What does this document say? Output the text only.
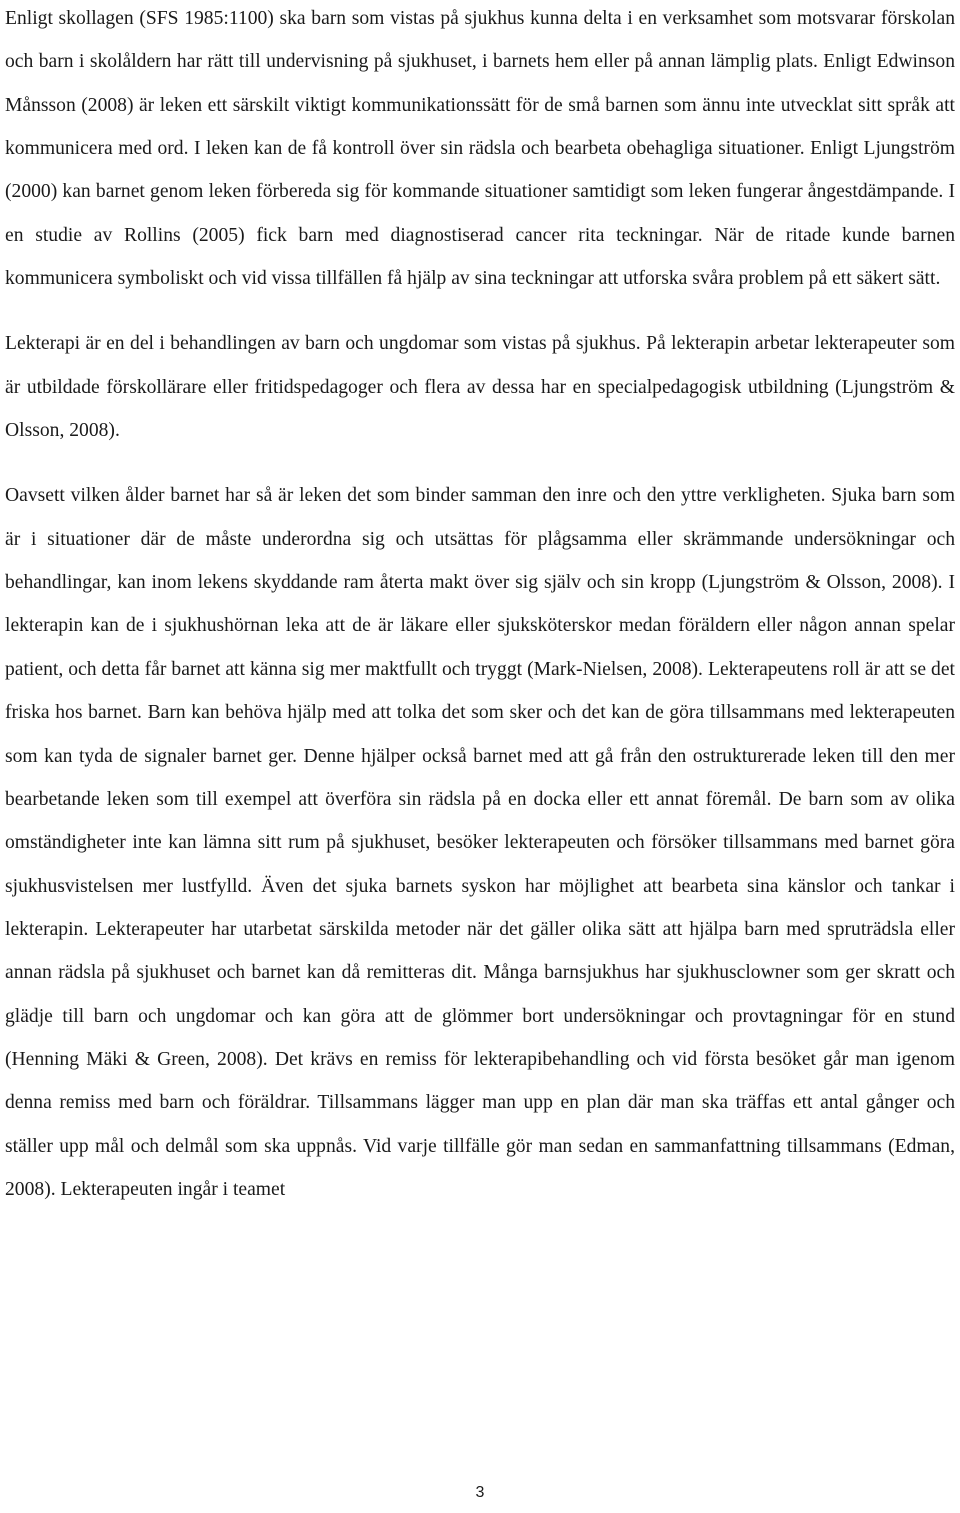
Enligt skollagen (SFS 1985:1100) ska barn som vistas på sjukhus kunna delta i en verksamhet som motsvarar förskolan och barn i skolåldern har rätt till undervisning på sjukhuset, i barnets hem eller på annan lämplig plats. Enligt Edwinson Månsson (2008) är leken ett särskilt viktigt kommunikationssätt för de små barnen som ännu inte utvecklat sitt språk att kommunicera med ord. I leken kan de få kontroll över sin rädsla och bearbeta obehagliga situationer. Enligt Ljungström (2000) kan barnet genom leken förbereda sig för kommande situationer samtidigt som leken fungerar ångestdämpande. I en studie av Rollins (2005) fick barn med diagnostiserad cancer rita teckningar. När de ritade kunde barnen kommunicera symboliskt och vid vissa tillfällen få hjälp av sina teckningar att utforska svåra problem på ett säkert sätt.

Lekterapi är en del i behandlingen av barn och ungdomar som vistas på sjukhus. På lekterapin arbetar lekterapeuter som är utbildade förskollärare eller fritidspedagoger och flera av dessa har en specialpedagogisk utbildning (Ljungström & Olsson, 2008).

Oavsett vilken ålder barnet har så är leken det som binder samman den inre och den yttre verkligheten. Sjuka barn som är i situationer där de måste underordna sig och utsättas för plågsamma eller skrämmande undersökningar och behandlingar, kan inom lekens skyddande ram återta makt över sig själv och sin kropp (Ljungström & Olsson, 2008). I lekterapin kan de i sjukhushörnan leka att de är läkare eller sjuksköterskor medan föräldern eller någon annan spelar patient, och detta får barnet att känna sig mer maktfullt och tryggt (Mark-Nielsen, 2008). Lekterapeutens roll är att se det friska hos barnet. Barn kan behöva hjälp med att tolka det som sker och det kan de göra tillsammans med lekterapeuten som kan tyda de signaler barnet ger. Denne hjälper också barnet med att gå från den ostrukturerade leken till den mer bearbetande leken som till exempel att överföra sin rädsla på en docka eller ett annat föremål. De barn som av olika omständigheter inte kan lämna sitt rum på sjukhuset, besöker lekterapeuten och försöker tillsammans med barnet göra sjukhusvistelsen mer lustfylld. Även det sjuka barnets syskon har möjlighet att bearbeta sina känslor och tankar i lekterapin. Lekterapeuter har utarbetat särskilda metoder när det gäller olika sätt att hjälpa barn med spruträdsla eller annan rädsla på sjukhuset och barnet kan då remitteras dit. Många barnsjukhus har sjukhusclowner som ger skratt och glädje till barn och ungdomar och kan göra att de glömmer bort undersökningar och provtagningar för en stund (Henning Mäki & Green, 2008). Det krävs en remiss för lekterapibehandling och vid första besöket går man igenom denna remiss med barn och föräldrar. Tillsammans lägger man upp en plan där man ska träffas ett antal gånger och ställer upp mål och delmål som ska uppnås. Vid varje tillfälle gör man sedan en sammanfattning tillsammans (Edman, 2008). Lekterapeuten ingår i teamet

3
